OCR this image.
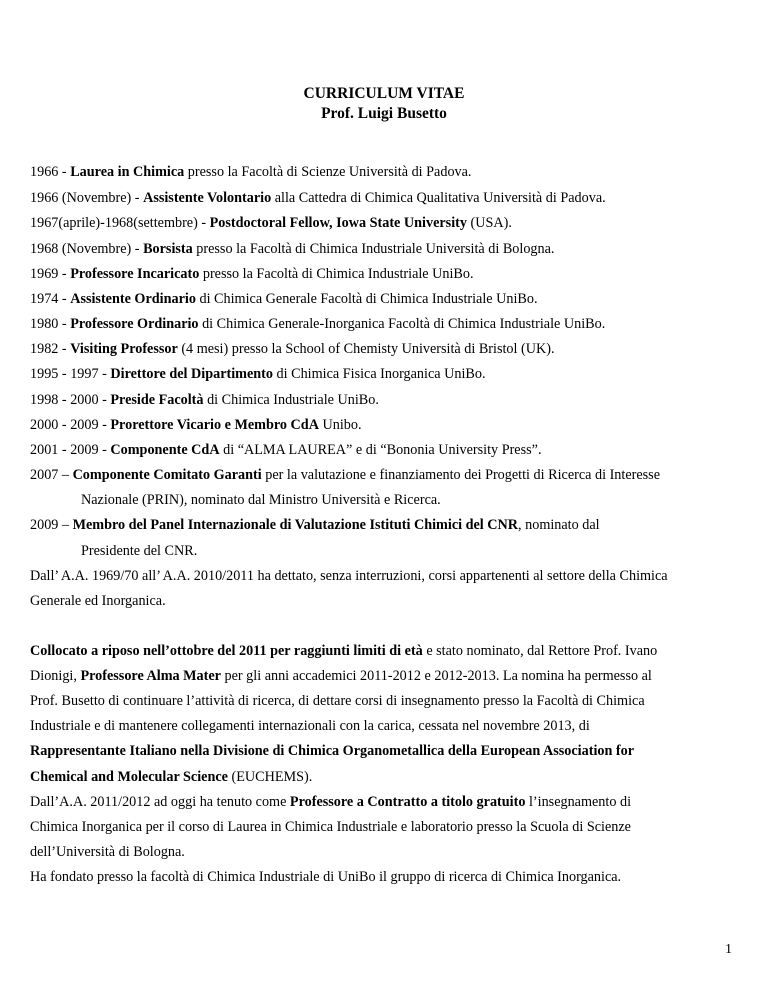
CURRICULUM VITAE
Prof. Luigi Busetto
1966 - Laurea in Chimica presso la Facoltà di Scienze Università di Padova.
1966 (Novembre) - Assistente Volontario alla Cattedra di Chimica Qualitativa Università di Padova.
1967(aprile)-1968(settembre) - Postdoctoral Fellow, Iowa State University (USA).
1968 (Novembre) - Borsista presso la Facoltà di Chimica Industriale Università di Bologna.
1969 - Professore Incaricato presso la Facoltà di Chimica Industriale UniBo.
1974 - Assistente Ordinario di Chimica Generale Facoltà di Chimica Industriale UniBo.
1980 - Professore Ordinario di Chimica Generale-Inorganica Facoltà di Chimica Industriale UniBo.
1982 - Visiting Professor (4 mesi) presso la School of Chemisty Università di Bristol (UK).
1995 - 1997 - Direttore del Dipartimento di Chimica Fisica Inorganica UniBo.
1998 - 2000 - Preside Facoltà di Chimica Industriale UniBo.
2000 - 2009 - Prorettore Vicario e Membro CdA Unibo.
2001 - 2009 - Componente CdA di “ALMA LAUREA” e di “Bononia University Press”.
2007 – Componente Comitato Garanti per la valutazione e finanziamento dei Progetti di Ricerca di Interesse
Nazionale (PRIN), nominato dal Ministro Università e Ricerca.
2009 – Membro del Panel Internazionale di Valutazione Istituti Chimici del CNR, nominato dal
Presidente del CNR.
Dall’ A.A. 1969/70 all’ A.A. 2010/2011 ha dettato, senza interruzioni, corsi appartenenti al settore della Chimica
Generale ed Inorganica.
Collocato a riposo nell’ottobre del 2011 per raggiunti limiti di età e stato nominato, dal Rettore Prof. Ivano
Dionigi, Professore Alma Mater per gli anni accademici 2011-2012 e 2012-2013. La nomina ha permesso al
Prof. Busetto di continuare l’attività di ricerca, di dettare corsi di insegnamento presso la Facoltà di Chimica
Industriale e di mantenere collegamenti internazionali con la carica, cessata nel novembre 2013, di
Rappresentante Italiano nella Divisione di Chimica Organometallica della European Association for
Chemical and Molecular Science (EUCHEMS).
Dall’A.A. 2011/2012 ad oggi ha tenuto come Professore a Contratto a titolo gratuito l’insegnamento di
Chimica Inorganica per il corso di Laurea in Chimica Industriale e laboratorio presso la Scuola di Scienze
dell’Università di Bologna.
Ha fondato presso la facoltà di Chimica Industriale di UniBo il gruppo di ricerca di Chimica Inorganica.
1
